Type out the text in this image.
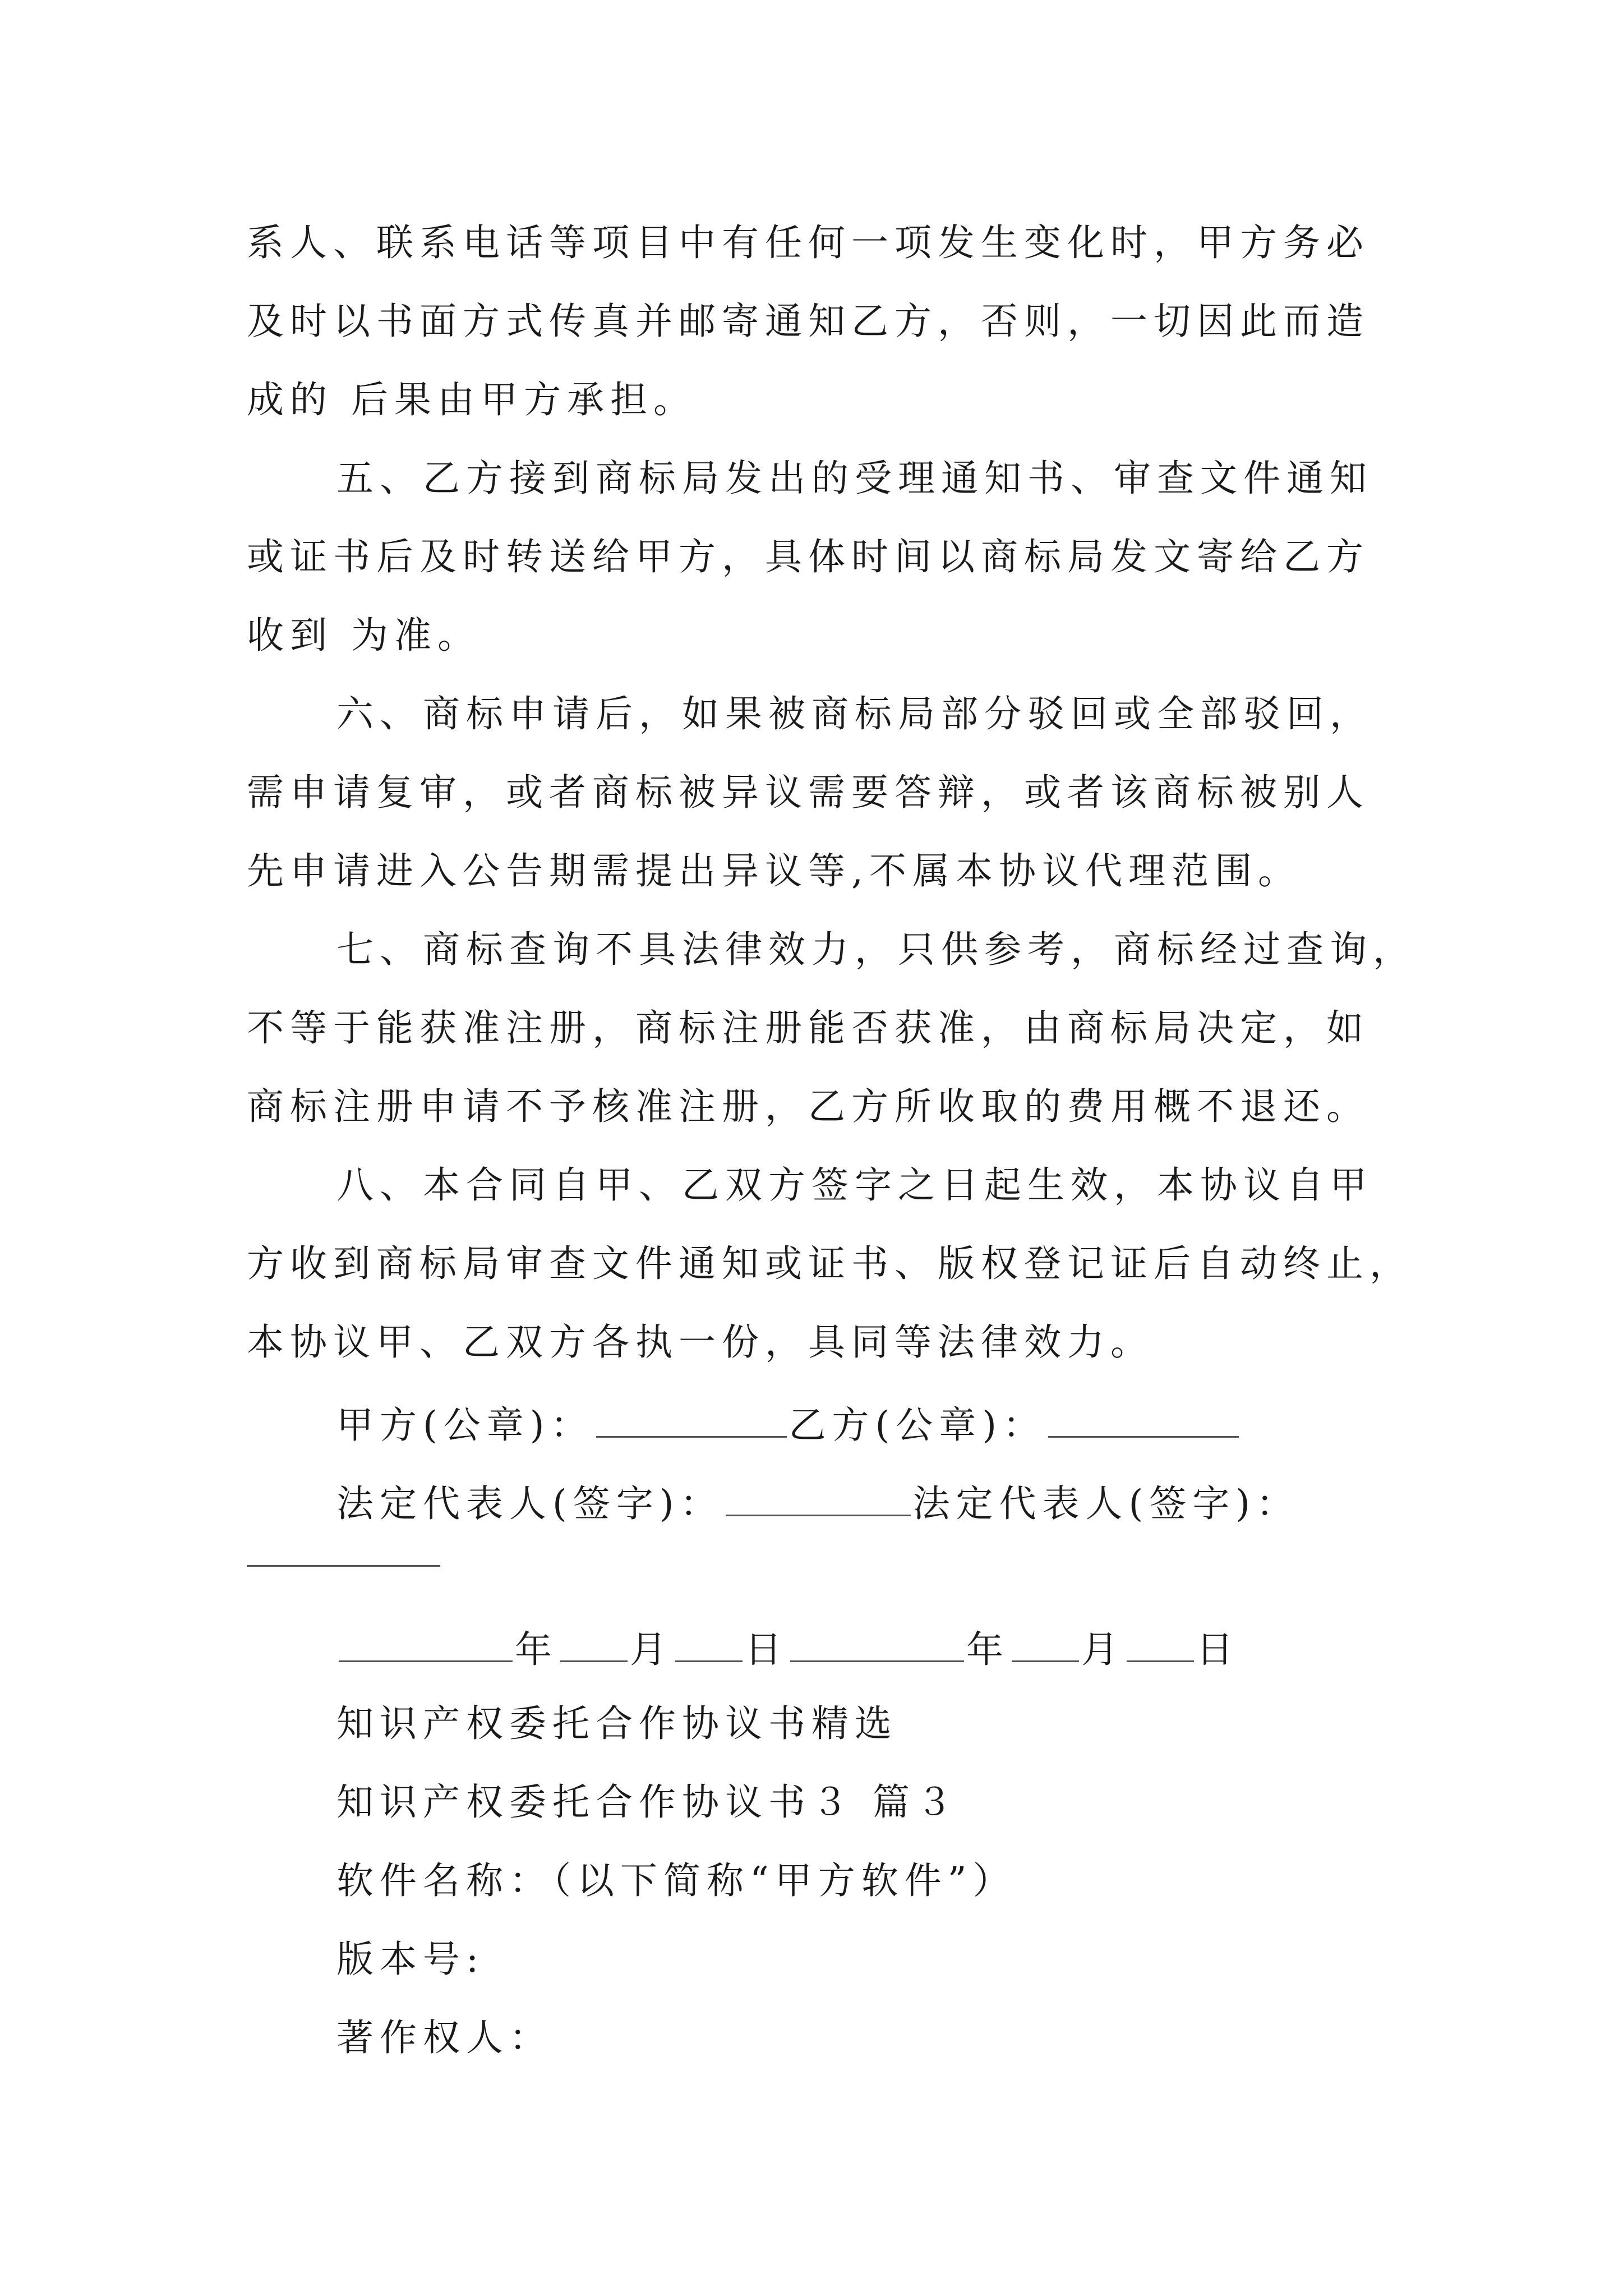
系人、联系电话等项目中有任何一项发生变化时，甲方务必
及时以书面方式传真并邮寄通知乙方，否则，一切因此而造
成的 后果由甲方承担。
五、乙方接到商标局发出的受理通知书、审查文件通知
或证书后及时转送给甲方，具体时间以商标局发文寄给乙方
收到 为准。
六、商标申请后，如果被商标局部分驳回或全部驳回，
需申请复审，或者商标被异议需要答辩，或者该商标被别人
先申请进入公告期需提出异议等,不属本协议代理范围。
七、商标查询不具法律效力，只供参考，商标经过查询，
不等于能获准注册，商标注册能否获准，由商标局决定，如
商标注册申请不予核准注册，乙方所收取的费用概不退还。
八、本合同自甲、乙双方签字之日起生效，本协议自甲
方收到商标局审查文件通知或证书、版权登记证后自动终止，
本协议甲、乙双方各执一份，具同等法律效力。
甲方(公章)：	乙方(公章)：
法定代表人(签字)：	法定代表人(签字)：
年 月 日	年 月 日
知识产权委托合作协议书精选
知识产权委托合作协议书３ 篇３
软件名称：（以下简称“甲方软件”）
版本号:
著作权人：
